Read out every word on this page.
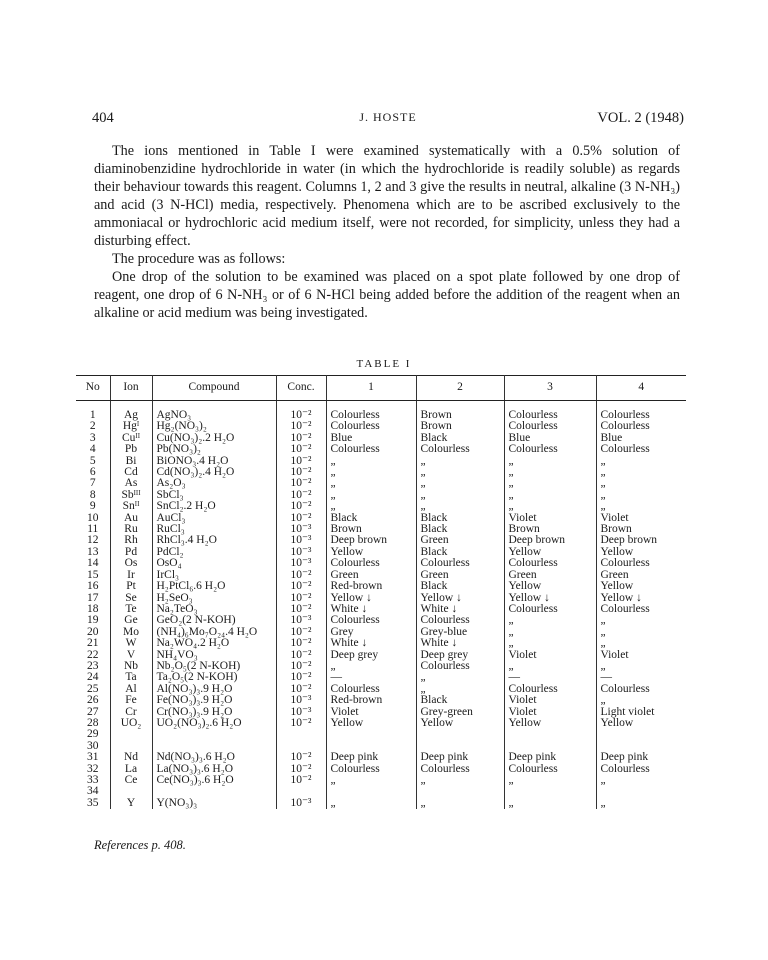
404	J. HOSTE	VOL. 2 (1948)

The ions mentioned in Table I were examined systematically with a 0.5% solution of diaminobenzidine hydrochloride in water (in which the hydrochloride is readily soluble) as regards their behaviour towards this reagent. Columns 1, 2 and 3 give the results in neutral, alkaline (3 N-NH₃) and acid (3 N-HCl) media, respectively. Phenomena which are to be ascribed exclusively to the ammoniacal or hydrochloric acid medium itself, were not recorded, for simplicity, unless they had a disturbing effect.

The procedure was as follows:

One drop of the solution to be examined was placed on a spot plate followed by one drop of reagent, one drop of 6 N-NH₃ or of 6 N-HCl being added before the addition of the reagent when an alkaline or acid medium was being investigated.

TABLE I
No	Ion	Compound	Conc.	1	2	3	4

1	Ag	AgNO₃	10⁻²	Colourless	Brown	Colourless	Colourless
2	Hgᴵ	Hg₂(NO₃)₂	10⁻²	Colourless	Brown	Colourless	Colourless
3	Cuᴵᴵ	Cu(NO₃)₂.2 H₂O	10⁻²	Blue	Black	Blue	Blue
4	Pb	Pb(NO₃)₂	10⁻²	Colourless	Colourless	Colourless	Colourless
5	Bi	BiONO₃.4 H₂O	10⁻²	„	„	„	„
6	Cd	Cd(NO₃)₂.4 H₂O	10⁻²	„	„	„	„
7	As	As₂O₃	10⁻²	„	„	„	„
8	Sbᴵᴵᴵ	SbCl₃	10⁻²	„	„	„	„
9	Snᴵᴵ	SnCl₂.2 H₂O	10⁻²	„	„	„	„
10	Au	AuCl₃	10⁻²	Black	Black	Violet	Violet
11	Ru	RuCl₃	10⁻³	Brown	Black	Brown	Brown
12	Rh	RhCl₃.4 H₂O	10⁻³	Deep brown	Green	Deep brown	Deep brown
13	Pd	PdCl₂	10⁻³	Yellow	Black	Yellow	Yellow
14	Os	OsO₄	10⁻³	Colourless	Colourless	Colourless	Colourless
15	Ir	IrCl₃	10⁻²	Green	Green	Green	Green
16	Pt	H₂PtCl₆.6 H₂O	10⁻²	Red-brown	Black	Yellow	Yellow
17	Se	H₂SeO₃	10⁻²	Yellow ↓	Yellow ↓	Yellow ↓	Yellow ↓
18	Te	Na₂TeO₃	10⁻²	White ↓	White ↓	Colourless	Colourless
19	Ge	GeO₂(2 N-KOH)	10⁻³	Colourless	Colourless	„	„
20	Mo	(NH₄)₆Mo₇O₂₄.4 H₂O	10⁻²	Grey	Grey-blue	„	„
21	W	Na₂WO₄.2 H₂O	10⁻²	White ↓	White ↓	„	„
22	V	NH₄VO₃	10⁻²	Deep grey	Deep grey	Violet	Violet
23	Nb	Nb₂O₅(2 N-KOH)	10⁻²	„	Colourless	„	„
24	Ta	Ta₂O₅(2 N-KOH)	10⁻²	—	„	—	—
25	Al	Al(NO₃)₃.9 H₂O	10⁻²	Colourless	„	Colourless	Colourless
26	Fe	Fe(NO₃)₃.9 H₂O	10⁻³	Red-brown	Black	Violet	„
27	Cr	Cr(NO₃)₃.9 H₂O	10⁻³	Violet	Grey-green	Violet	Light violet
28	UO₂	UO₂(NO₃)₂.6 H₂O	10⁻²	Yellow	Yellow	Yellow	Yellow
29							
30							
31	Nd	Nd(NO₃)₃.6 H₂O	10⁻²	Deep pink	Deep pink	Deep pink	Deep pink
32	La	La(NO₃)₃.6 H₂O	10⁻²	Colourless	Colourless	Colourless	Colourless
33	Ce	Ce(NO₃)₃.6 H₂O	10⁻²	„	„	„	„
34							
35	Y	Y(NO₃)₃	10⁻³	„	„	„	„
References p. 408.
